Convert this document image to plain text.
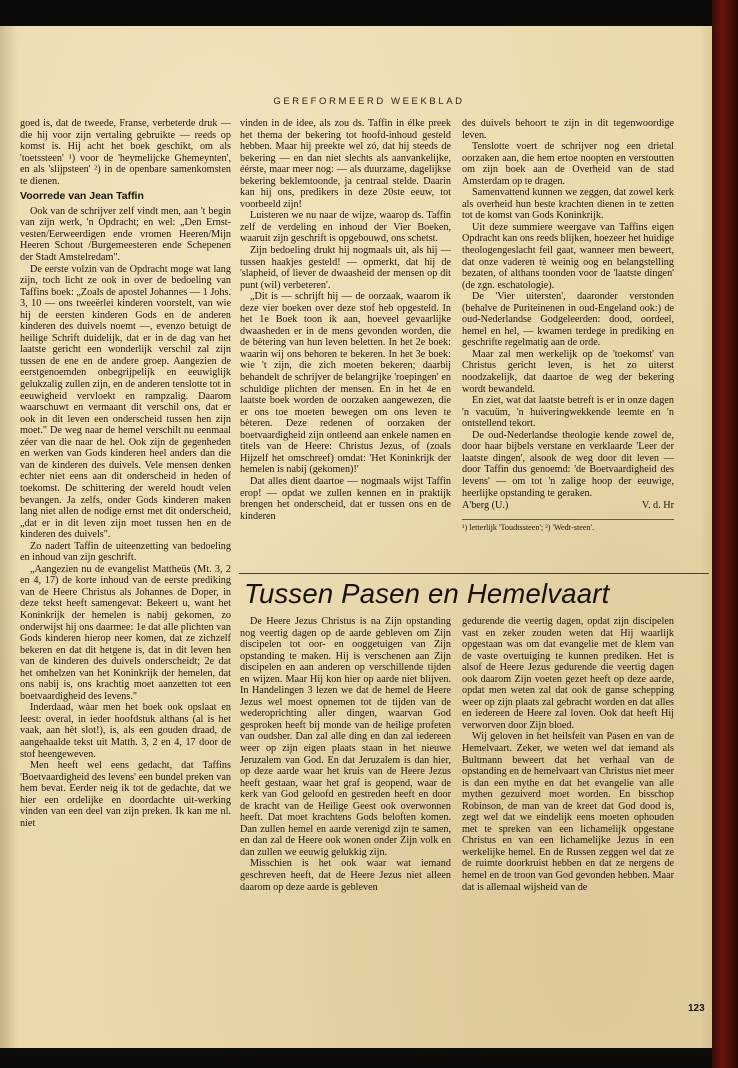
GEREFORMEERD WEEKBLAD

goed is, dat de tweede, Franse, verbeterde druk — die hij voor zijn vertaling gebruikte — reeds op komst is. Hij acht het boek geschikt, om als 'toetssteen' ¹) voor de 'heymelijcke Ghemeynten', en als 'slijpsteen' ²) in de openbare samenkomsten te dienen.

Voorrede van Jean Taffin

Ook van de schrijver zelf vindt men, aan 't begin van zijn werk, 'n Opdracht; en wel: „Den Ernst-vesten/Eerweerdigen ende vromen Heeren/Mijn Heeren Schout /Burgemeesteren ende Schepenen der Stadt Amstelredam".

De eerste volzin van de Opdracht moge wat lang zijn, toch licht ze ook in over de bedoeling van Taffins boek: „Zoals de apostel Johannes — 1 Johs. 3, 10 — ons tweeërlei kinderen voorstelt, van wie hij de eersten kinderen Gods en de anderen kinderen des duivels noemt —, evenzo betuigt de heilige Schrift duidelijk, dat er in de dag van het laatste gericht een wonderlijk verschil zal zijn tussen de ene en de andere groep. Aangezien de eerstgenoemden onbegrijpelijk en eeuwiglijk gelukzalig zullen zijn, en de anderen tenslotte tot in eeuwigheid vervloekt en rampzalig. Daarom waarschuwt en vermaant dit verschil ons, dat er ook in dit leven een onderscheid tussen hen zijn moet." De weg naar de hemel verschilt nu eenmaal zéer van die naar de hel. Ook zijn de gegenheden en werken van Gods kinderen heel anders dan die van de kinderen des duivels. Vele mensen denken echter niet eens aan dit onderscheid in heden of toekomst. De schittering der wereld houdt velen bevangen. Ja zelfs, onder Gods kinderen maken lang niet allen de nodige ernst met dit onderscheid, „dat er in dit leven zijn moet tussen hen en de kinderen des duivels".

Zo nadert Taffin de uiteenzetting van bedoeling en inhoud van zijn geschrift.

„Aangezien nu de evangelist Mattheüs (Mt. 3, 2 en 4, 17) de korte inhoud van de eerste prediking van de Heere Christus als Johannes de Doper, in deze tekst heeft samengevat: Bekeert u, want het Koninkrijk der hemelen is nabij gekomen, zo onderwijst hij ons daarmee: 1e dat alle plichten van Gods kinderen hierop neer komen, dat ze zichzelf bekeren en dat dit hetgene is, dat in dit leven hen van de kinderen des duivels onderscheidt; 2e dat het omhelzen van het Koninkrijk der hemelen, dat ons nabij is, ons krachtig moet aanzetten tot een boetvaardigheid des levens."

Inderdaad, wàar men het boek ook opslaat en leest: overal, in ieder hoofdstuk althans (al is het vaak, aan hèt slot!), is, als een gouden draad, de aangehaalde tekst uit Matth. 3, 2 en 4, 17 door de stof heengeweven.

Men heeft wel eens gedacht, dat Taffins 'Boetvaardigheid des levens' een bundel preken van hem bevat. Eerder neig ik tot de gedachte, dat we hier een ordelijke en doordachte uit-werking vinden van een deel van zijn preken. Ik kan me nl. niet

vinden in de idee, als zou ds. Taffin in élke preek het thema der bekering tot hoofd-inhoud gesteld hebben. Maar hij preekte wel zó, dat hij steeds de bekering — en dan niet slechts als aanvankelijke, éérste, maar meer nog: — als duurzame, dagelijkse bekering beklemtoonde, ja centraal stelde. Daarin kan hij ons, predikers in deze 20ste eeuw, tot voorbeeld zijn!

Luisteren we nu naar de wijze, waarop ds. Taffin zelf de verdeling en inhoud der Vier Boeken, waaruit zijn geschrift is opgebouwd, ons schetst.

Zijn bedoeling drukt hij nogmaals uit, als hij — tussen haakjes gesteld! — opmerkt, dat hij de 'slapheid, of liever de dwaasheid der mensen op dit punt (wil) verbeteren'.

„Dit is — schrijft hij — de oorzaak, waarom ik deze vier boeken over deze stof heb opgesteld. In het 1e Boek toon ik aan, hoeveel gevaarlijke dwaasheden er in de mens gevonden worden, die de bètering van hun leven beletten. In het 2e boek: waarin wij ons behoren te bekeren. In het 3e boek: wie 't zijn, die zich moeten bekeren; daarbij behandelt de schrijver de belangrijke 'roepingen' en schuldige plichten der mensen. En in het 4e en laatste boek worden de oorzaken aangewezen, die er ons toe moeten bewegen om ons leven te bèteren. Deze redenen of oorzaken der boetvaardigheid zijn ontleend aan enkele namen en titels van de Heere: Christus Jezus, of (zoals Hijzelf het omschreef) omdat: 'Het Koninkrijk der hemelen is nabij (gekomen)!'

Dat alles dient daartoe — nogmaals wijst Taffin erop! — opdat we zullen kennen en in praktijk brengen het onderscheid, dat er tussen ons en de kinderen

des duivels behoort te zijn in dit tegenwoordige leven.

Tenslotte voert de schrijver nog een drietal oorzaken aan, die hem ertoe noopten en verstoutten om zijn boek aan de Overheid van de stad Amsterdam op te dragen.

Samenvattend kunnen we zeggen, dat zowel kerk als overheid hun beste krachten dienen in te zetten tot de komst van Gods Koninkrijk.

Uit deze summiere weergave van Taffins eigen Opdracht kan ons reeds blijken, hoezeer het huidige theologengeslacht feil gaat, wanneer men beweert, dat onze vaderen tè weinig oog en belangstelling bezaten, of althans toonden voor de 'laatste dingen' (de zgn. eschatologie).

De 'Vier uitersten', daaronder verstonden (behalve de Puriteinenen in oud-Engeland ook:) de oud-Nederlandse Godgeleerden: dood, oordeel, hemel en hel, — kwamen terdege in prediking en geschrifte regelmatig aan de orde.

Maar zal men werkelijk op de 'toekomst' van Christus gericht leven, is het zo uiterst noodzakelijk, dat daartoe de weg der bekering wordt bewandeld.

En ziet, wat dat laatste betreft is er in onze dagen 'n vacuüm, 'n huiveringwekkende leemte en 'n ontstellend tekort.

De oud-Nederlandse theologie kende zowel de, door haar bijbels verstane en verklaarde 'Leer der laatste dingen', alsook de weg door dit leven — door Taffin dus genoemd: 'de Boetvaardigheid des levens' — om tot 'n zalige hoop der eeuwige, heerlijke opstanding te geraken.

A'berg (U.)	V. d. Hr
¹) letterlijk 'Toudtssteen'; ²) 'Wedt-steen'.
Tussen Pasen en Hemelvaart

De Heere Jezus Christus is na Zijn opstanding nog veertig dagen op de aarde gebleven om Zijn discipelen tot oor- en ooggetuigen van Zijn opstanding te maken. Hij is verschenen aan Zijn discipelen en aan anderen op verschillende tijden en wijzen. Maar Hij kon hier op aarde niet blijven. In Handelingen 3 lezen we dat de hemel de Heere Jezus wel moest opnemen tot de tijden van de wederoprichting aller dingen, waarvan God gesproken heeft bij monde van de heilige profeten van oudsher. Dan zal alle ding en dan zal iedereen weer op zijn eigen plaats staan in het nieuwe Jeruzalem van God. En dat Jeruzalem is dan hier, op deze aarde waar het kruis van de Heere Jezus heeft gestaan, waar het graf is geopend, waar de kerk van God geloofd en gestreden heeft en door de kracht van de Heilige Geest ook overwonnen heeft. Dat moet krachtens Gods beloften komen. Dan zullen hemel en aarde verenigd zijn te samen, en dan zal de Heere ook wonen onder Zijn volk en dan zullen we eeuwig gelukkig zijn.

Misschien is het ook waar wat iemand geschreven heeft, dat de Heere Jezus niet alleen daarom op deze aarde is gebleven

gedurende die veertig dagen, opdat zijn discipelen vast en zeker zouden weten dat Hij waarlijk opgestaan was om dat evangelie met de klem van de vaste overtuiging te kunnen prediken. Het is alsof de Heere Jezus gedurende die veertig dagen ook daarom Zijn voeten gezet heeft op deze aarde, opdat men weten zal dat ook de ganse schepping weer op zijn plaats zal gebracht worden en dat alles en iedereen de Heere zal loven. Ook dat heeft Hij verworven door Zijn bloed.

Wij geloven in het heilsfeit van Pasen en van de Hemelvaart. Zeker, we weten wel dat iemand als Bultmann beweert dat het verhaal van de opstanding en de hemelvaart van Christus niet meer is dan een mythe en dat het evangelie van alle mythen gezuiverd moet worden. En bisschop Robinson, de man van de kreet dat God dood is, zegt wel dat we eindelijk eens moeten ophouden met te spreken van een lichamelijk opgestane Christus en van een lichamelijke Jezus in een werkelijke hemel. En de Russen zeggen wel dat ze de ruimte doorkruist hebben en dat ze nergens de hemel en de troon van God gevonden hebben. Maar dat is allemaal wijsheid van de

123
